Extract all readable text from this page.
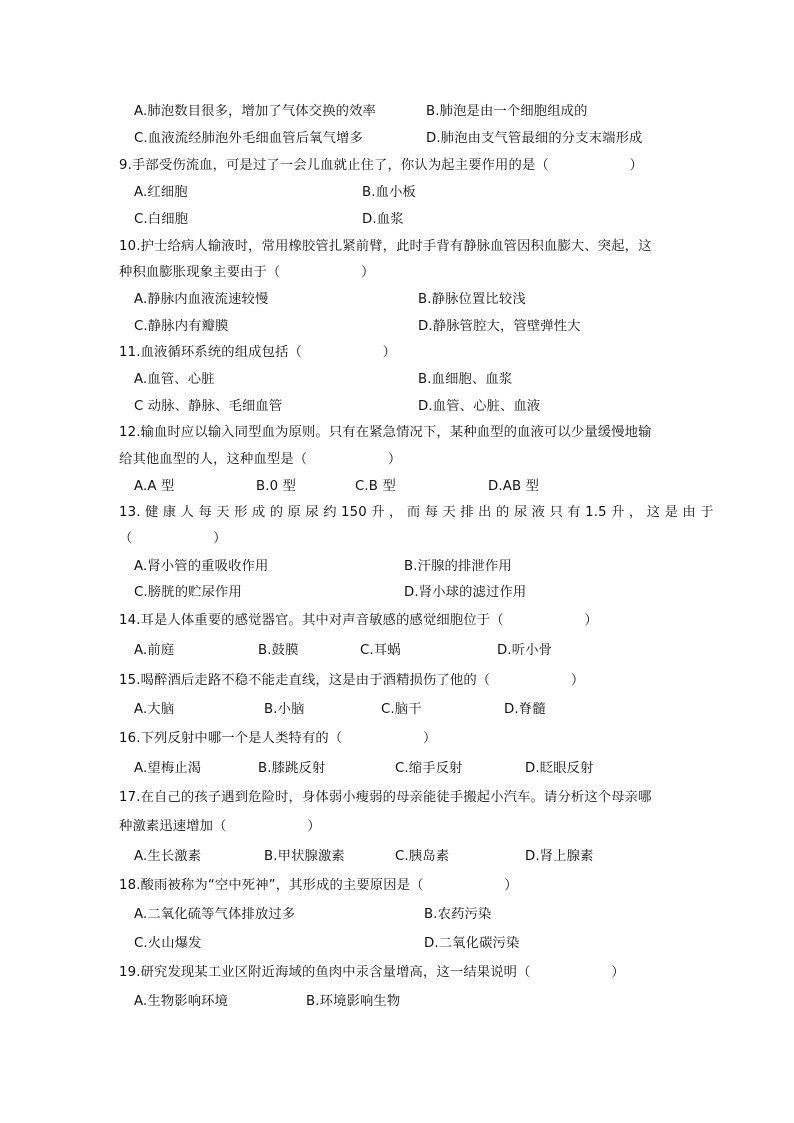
A.肺泡数目很多，增加了气体交换的效率	B.肺泡是由一个细胞组成的
C.血液流经肺泡外毛细血管后氧气增多	D.肺泡由支气管最细的分支末端形成
9.手部受伤流血，可是过了一会儿血就止住了，你认为起主要作用的是（　　　　　　）
A.红细胞	B.血小板
C.白细胞	D.血浆
10.护士给病人输液时，常用橡胶管扎紧前臂，此时手背有静脉血管因积血膨大、突起，这
种积血膨胀现象主要由于（　　　　　　）
A.静脉内血液流速较慢	B.静脉位置比较浅
C.静脉内有瓣膜	D.静脉管腔大，管壁弹性大
11.血液循环系统的组成包括（　　　　　　）
A.血管、心脏	B.血细胞、血浆
C 动脉、静脉、毛细血管	D.血管、心脏、血液
12.输血时应以输入同型血为原则。只有在紧急情况下，某种血型的血液可以少量缓慢地输
给其他血型的人，这种血型是（　　　　　　）
A.A 型	B.0 型	C.B 型	D.AB 型
13. 健 康 人 每 天 形 成 的 原 尿 约 150 升 ， 而 每 天 排 出 的 尿 液 只 有 1.5 升 ， 这 是 由 于
（　　　　　　）
A.肾小管的重吸收作用	B.汗腺的排泄作用
C.膀胱的贮尿作用	D.肾小球的滤过作用
14.耳是人体重要的感觉器官。其中对声音敏感的感觉细胞位于（　　　　　　）
A.前庭	B.鼓膜	C.耳蜗	D.听小骨
15.喝醉酒后走路不稳不能走直线，这是由于酒精损伤了他的（　　　　　　）
A.大脑	B.小脑	C.脑干	D.脊髓
16.下列反射中哪一个是人类特有的（　　　　　　）
A.望梅止渴	B.膝跳反射	C.缩手反射	D.眨眼反射
17.在自己的孩子遇到危险时，身体弱小瘦弱的母亲能徒手搬起小汽车。请分析这个母亲哪
种激素迅速增加（　　　　　　）
A.生长激素	B.甲状腺激素	C.胰岛素	D.肾上腺素
18.酸雨被称为“空中死神”，其形成的主要原因是（　　　　　　）
A.二氧化硫等气体排放过多	B.农药污染
C.火山爆发	D.二氧化碳污染
19.研究发现某工业区附近海域的鱼肉中汞含量增高，这一结果说明（　　　　　　）
A.生物影响环境	B.环境影响生物
